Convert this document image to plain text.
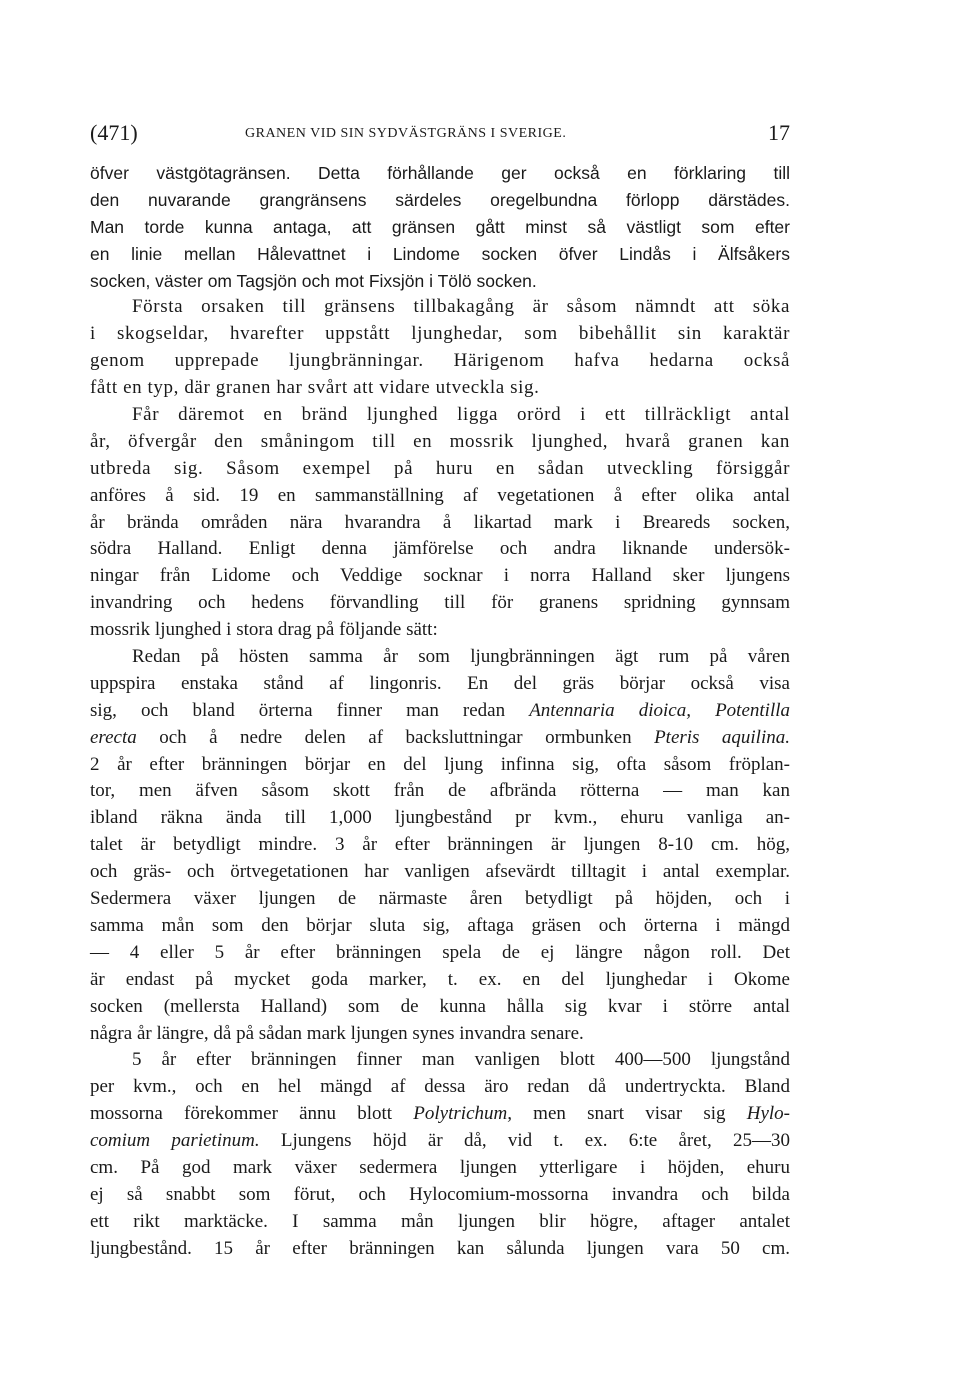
(471)	GRANEN VID SIN SYDVÄSTGRÄNS I SVERIGE.	17
öfver västgötagränsen. Detta förhållande ger också en förklaring till
den nuvarande grangränsens särdeles oregelbundna förlopp därstädes.
Man torde kunna antaga, att gränsen gått minst så västligt som efter
en linie mellan Hålevattnet i Lindome socken öfver Lindås i Älfsåkers
socken, väster om Tagsjön och mot Fixsjön i Tölö socken.
Första orsaken till gränsens tillbakagång är såsom nämndt att söka
i skogseldar, hvarefter uppstått ljunghedar, som bibehållit sin karaktär
genom upprepade ljungbränningar. Härigenom hafva hedarna också
fått en typ, där granen har svårt att vidare utveckla sig.
Får däremot en bränd ljunghed ligga orörd i ett tillräckligt antal
år, öfvergår den småningom till en mossrik ljunghed, hvarå granen kan
utbreda sig. Såsom exempel på huru en sådan utveckling försiggår
anföres å sid. 19 en sammanställning af vegetationen å efter olika antal
år brända områden nära hvarandra å likartad mark i Breareds socken,
södra Halland. Enligt denna jämförelse och andra liknande undersök-
ningar från Lidome och Veddige socknar i norra Halland sker ljungens
invandring och hedens förvandling till för granens spridning gynnsam
mossrik ljunghed i stora drag på följande sätt:
Redan på hösten samma år som ljungbränningen ägt rum på våren
uppspira enstaka stånd af lingonris. En del gräs börjar också visa
sig, och bland örterna finner man redan Antennaria dioica, Potentilla
erecta och å nedre delen af backsluttningar ormbunken Pteris aquilina.
2 år efter bränningen börjar en del ljung infinna sig, ofta såsom fröplan-
tor, men äfven såsom skott från de afbrända rötterna — man kan
ibland räkna ända till 1,000 ljungbestånd pr kvm., ehuru vanliga an-
talet är betydligt mindre. 3 år efter bränningen är ljungen 8-10 cm. hög,
och gräs- och örtvegetationen har vanligen afsevärdt tilltagit i antal exemplar.
Sedermera växer ljungen de närmaste åren betydligt på höjden, och i
samma mån som den börjar sluta sig, aftaga gräsen och örterna i mängd
— 4 eller 5 år efter bränningen spela de ej längre någon roll. Det
är endast på mycket goda marker, t. ex. en del ljunghedar i Okome
socken (mellersta Halland) som de kunna hålla sig kvar i större antal
några år längre, då på sådan mark ljungen synes invandra senare.
5 år efter bränningen finner man vanligen blott 400—500 ljungstånd
per kvm., och en hel mängd af dessa äro redan då undertryckta. Bland
mossorna förekommer ännu blott Polytrichum, men snart visar sig Hylo-
comium parietinum. Ljungens höjd är då, vid t. ex. 6:te året, 25—30
cm. På god mark växer sedermera ljungen ytterligare i höjden, ehuru
ej så snabbt som förut, och Hylocomium-mossorna invandra och bilda
ett rikt marktäcke. I samma mån ljungen blir högre, aftager antalet
ljungbestånd. 15 år efter bränningen kan sålunda ljungen vara 50 cm.
